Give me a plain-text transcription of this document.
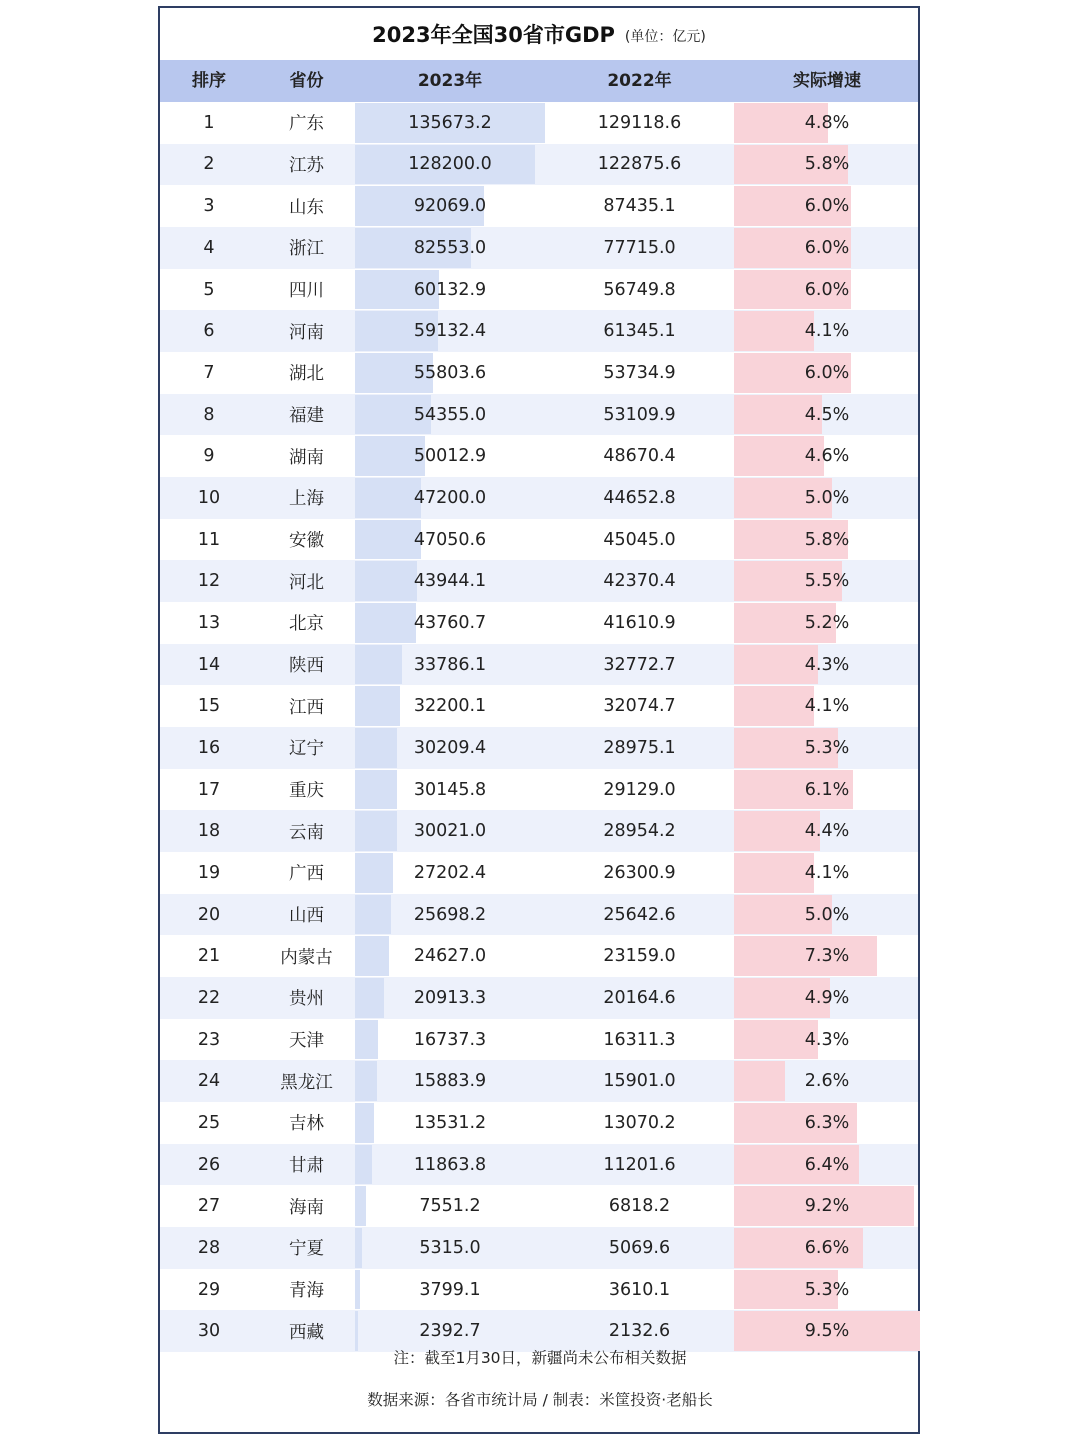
2023年全国30省市GDP (单位：亿元)
排序	省份	2023年	2022年	实际增速
1	广东	135673.2	129118.6	4.8%
2	江苏	128200.0	122875.6	5.8%
3	山东	92069.0	87435.1	6.0%
4	浙江	82553.0	77715.0	6.0%
5	四川	60132.9	56749.8	6.0%
6	河南	59132.4	61345.1	4.1%
7	湖北	55803.6	53734.9	6.0%
8	福建	54355.0	53109.9	4.5%
9	湖南	50012.9	48670.4	4.6%
10	上海	47200.0	44652.8	5.0%
11	安徽	47050.6	45045.0	5.8%
12	河北	43944.1	42370.4	5.5%
13	北京	43760.7	41610.9	5.2%
14	陕西	33786.1	32772.7	4.3%
15	江西	32200.1	32074.7	4.1%
16	辽宁	30209.4	28975.1	5.3%
17	重庆	30145.8	29129.0	6.1%
18	云南	30021.0	28954.2	4.4%
19	广西	27202.4	26300.9	4.1%
20	山西	25698.2	25642.6	5.0%
21	内蒙古	24627.0	23159.0	7.3%
22	贵州	20913.3	20164.6	4.9%
23	天津	16737.3	16311.3	4.3%
24	黑龙江	15883.9	15901.0	2.6%
25	吉林	13531.2	13070.2	6.3%
26	甘肃	11863.8	11201.6	6.4%
27	海南	7551.2	6818.2	9.2%
28	宁夏	5315.0	5069.6	6.6%
29	青海	3799.1	3610.1	5.3%
30	西藏	2392.7	2132.6	9.5%
注：截至1月30日，新疆尚未公布相关数据
数据来源：各省市统计局 / 制表：米筐投资·老船长
